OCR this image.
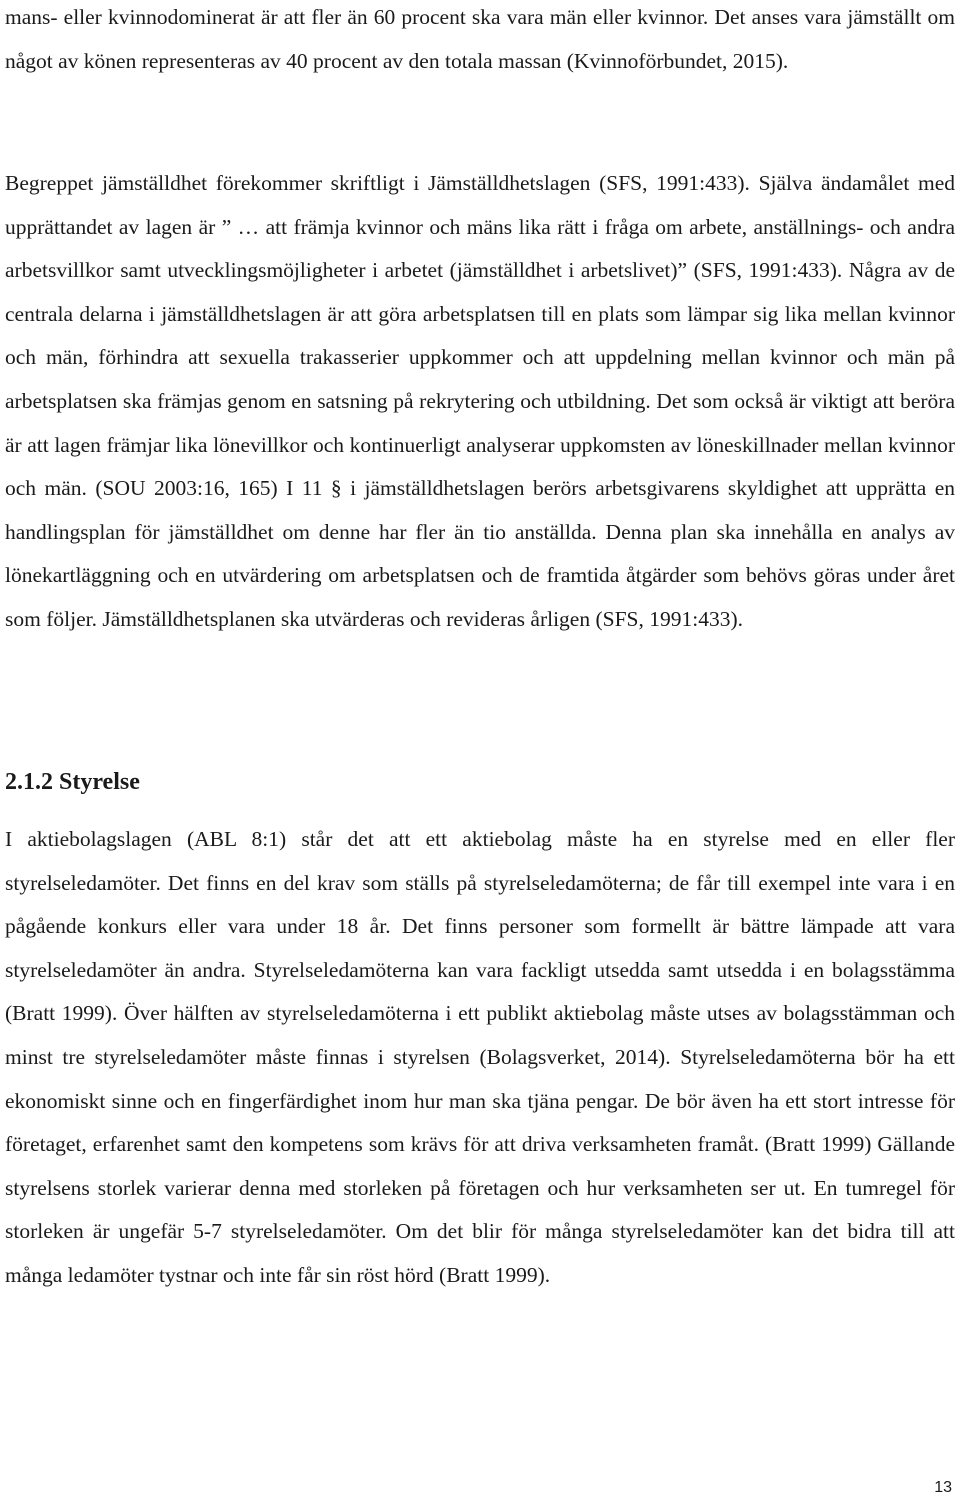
mans- eller kvinnodominerat är att fler än 60 procent ska vara män eller kvinnor. Det anses vara jämställt om något av könen representeras av 40 procent av den totala massan (Kvinnoförbundet, 2015).

Begreppet jämställdhet förekommer skriftligt i Jämställdhetslagen (SFS, 1991:433). Själva ändamålet med upprättandet av lagen är ” … att främja kvinnor och mäns lika rätt i fråga om arbete, anställnings- och andra arbetsvillkor samt utvecklingsmöjligheter i arbetet (jämställdhet i arbetslivet)” (SFS, 1991:433). Några av de centrala delarna i jämställdhetslagen är att göra arbetsplatsen till en plats som lämpar sig lika mellan kvinnor och män, förhindra att sexuella trakasserier uppkommer och att uppdelning mellan kvinnor och män på arbetsplatsen ska främjas genom en satsning på rekrytering och utbildning. Det som också är viktigt att beröra är att lagen främjar lika lönevillkor och kontinuerligt analyserar uppkomsten av löneskillnader mellan kvinnor och män. (SOU 2003:16, 165) I 11 § i jämställdhetslagen berörs arbetsgivarens skyldighet att upprätta en handlingsplan för jämställdhet om denne har fler än tio anställda. Denna plan ska innehålla en analys av lönekartläggning och en utvärdering om arbetsplatsen och de framtida åtgärder som behövs göras under året som följer. Jämställdhetsplanen ska utvärderas och revideras årligen (SFS, 1991:433).

2.1.2 Styrelse

I aktiebolagslagen (ABL 8:1) står det att ett aktiebolag måste ha en styrelse med en eller fler styrelseledamöter. Det finns en del krav som ställs på styrelseledamöterna; de får till exempel inte vara i en pågående konkurs eller vara under 18 år. Det finns personer som formellt är bättre lämpade att vara styrelseledamöter än andra. Styrelseledamöterna kan vara fackligt utsedda samt utsedda i en bolagsstämma (Bratt 1999). Över hälften av styrelseledamöterna i ett publikt aktiebolag måste utses av bolagsstämman och minst tre styrelseledamöter måste finnas i styrelsen (Bolagsverket, 2014). Styrelseledamöterna bör ha ett ekonomiskt sinne och en fingerfärdighet inom hur man ska tjäna pengar. De bör även ha ett stort intresse för företaget, erfarenhet samt den kompetens som krävs för att driva verksamheten framåt. (Bratt 1999) Gällande styrelsens storlek varierar denna med storleken på företagen och hur verksamheten ser ut. En tumregel för storleken är ungefär 5-7 styrelseledamöter. Om det blir för många styrelseledamöter kan det bidra till att många ledamöter tystnar och inte får sin röst hörd (Bratt 1999).

13
